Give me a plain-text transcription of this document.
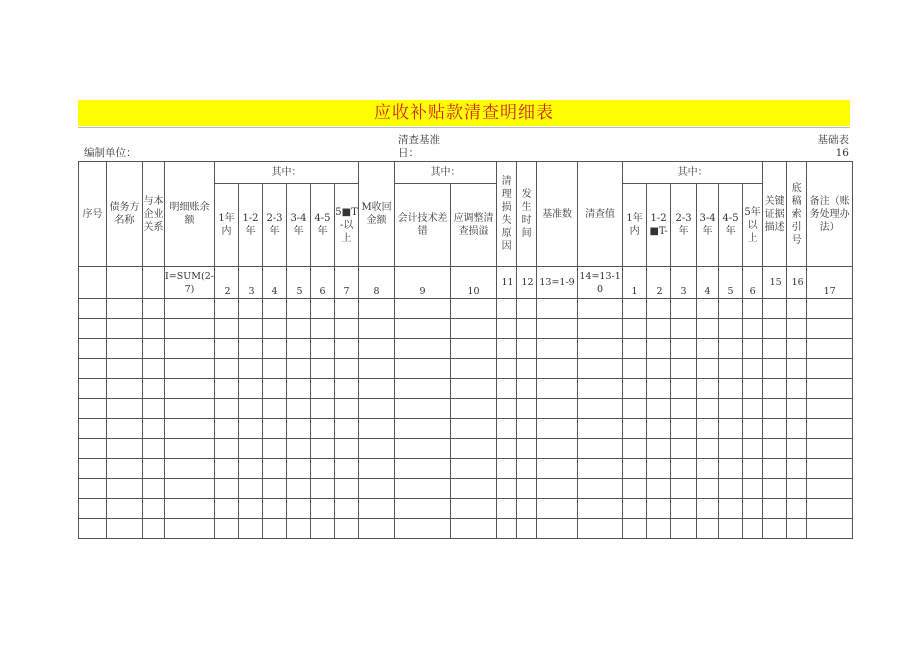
应收补贴款清查明细表
编制单位：
清查基准
日：
基础表
16
序号	债务方名称	与本企业关系	明细账余额	其中：						M收回金额	其中：		清理损失原因	发生时间	基准数	清查值	其中：						关键证据描述	底稿索引号	备注（账务处理办法）
				1年内	1-2年	2-3年	3-4年	4-5年	5■T-以上		会计技术差错	应调整清查损溢					1年内	1-2■T-	2-3年	3-4年	4-5年	5年以上			
			I=SUM(2-7)	2	3	4	5	6	7	8	9	10	11	12	13=1-9	14=13-10	1	2	3	4	5	6	15	16	17
